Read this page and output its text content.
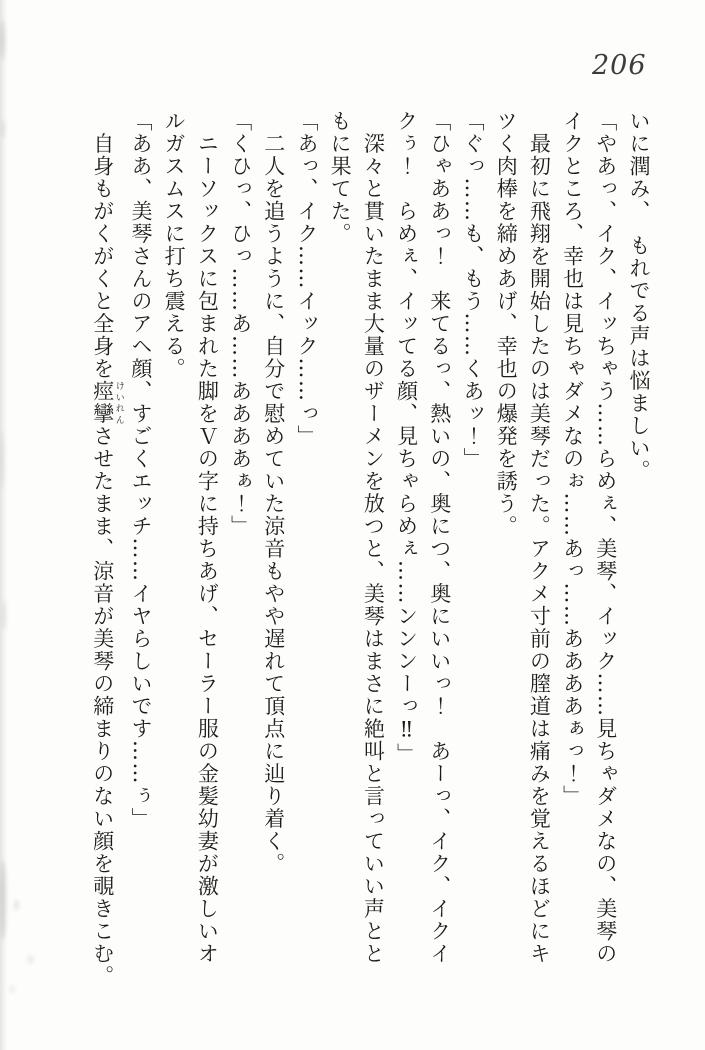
206
いに潤み、　もれでる声は悩ましい。
「やあっ、イク、イッちゃう……らめぇ、美琴、イック……見ちゃダメなの、美琴の
イクところ、幸也は見ちゃダメなのぉ……あっ……ああああぁっ！」
　最初に飛翔を開始したのは美琴だった。アクメ寸前の膣道は痛みを覚えるほどにキ
ツく肉棒を締めあげ、幸也の爆発を誘う。
「ぐっ……も、もう……くあッ！」
「ひゃああっ！　来てるっ、熱いの、奥につ、奥にいいっ！　あーっ、イク、イクイ
クぅ！　らめぇ、イッてる顔、見ちゃらめぇ……ンンンーっ‼」
　深々と貫いたまま大量のザーメンを放つと、美琴はまさに絶叫と言っていい声とと
もに果てた。
「あっ、イク……イック……っ」
　二人を追うように、自分で慰めていた涼音もやや遅れて頂点に辿り着く。
「くひっ、ひっ……あ……ああああぁ！」
　ニーソックスに包まれた脚をＶの字に持ちあげ、セーラー服の金髪幼妻が激しいオ
ルガスムスに打ち震える。
「ああ、美琴さんのアヘ顔、すごくエッチ……イヤらしいです……ぅ」
　自身もがくがくと全身を痙攣 けいれんさせたまま、涼音が美琴の締まりのない顔を覗きこむ。
